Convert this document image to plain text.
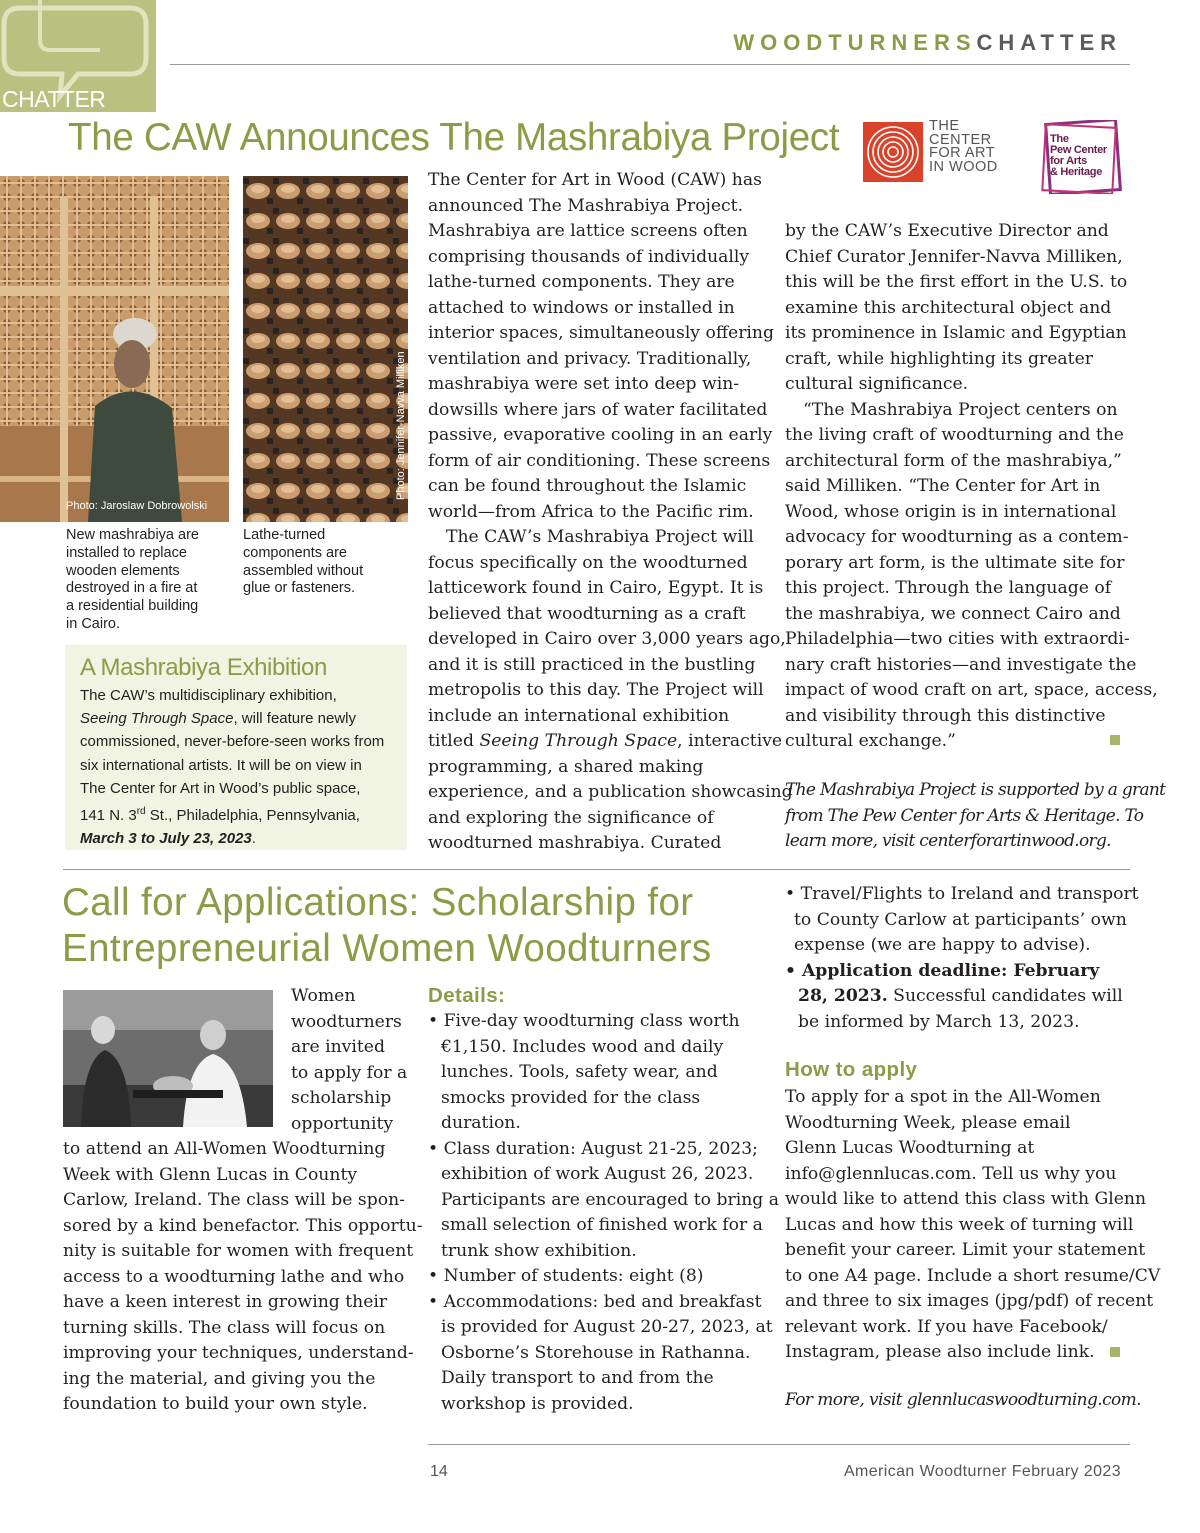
CHATTER
WOODTURNERSCHATTER
The CAW Announces The Mashrabiya Project	THE
CENTER
FOR ART
IN WOOD
The
Pew Center
for Arts
& Heritage
Photo: Jaroslaw Dobrowolski
Photo: Jennifer-Navva Milliken
New mashrabiya are
installed to replace
wooden elements
destroyed in a fire at
a residential building
in Cairo.
Lathe-turned
components are
assembled without
glue or fasteners.
A Mashrabiya Exhibition
The CAW’s multidisciplinary exhibition,
Seeing Through Space, will feature newly
commissioned, never-before-seen works from
six international artists. It will be on view in
The Center for Art in Wood’s public space,
141 N. 3rd St., Philadelphia, Pennsylvania,
March 3 to July 23, 2023.
The Center for Art in Wood (CAW) has
announced The Mashrabiya Project.
Mashrabiya are lattice screens often
comprising thousands of individually
lathe-turned components. They are
attached to windows or installed in
interior spaces, simultaneously offering
ventilation and privacy. Traditionally,
mashrabiya were set into deep win-
dowsills where jars of water facilitated
passive, evaporative cooling in an early
form of air conditioning. These screens
can be found throughout the Islamic
world—from Africa to the Pacific rim.
The CAW’s Mashrabiya Project will
focus specifically on the woodturned
latticework found in Cairo, Egypt. It is
believed that woodturning as a craft
developed in Cairo over 3,000 years ago,
and it is still practiced in the bustling
metropolis to this day. The Project will
include an international exhibition
titled Seeing Through Space, interactive
programming, a shared making
experience, and a publication showcasing
and exploring the significance of
woodturned mashrabiya. Curated
by the CAW’s Executive Director and
Chief Curator Jennifer-Navva Milliken,
this will be the first effort in the U.S. to
examine this architectural object and
its prominence in Islamic and Egyptian
craft, while highlighting its greater
cultural significance.
“The Mashrabiya Project centers on
the living craft of woodturning and the
architectural form of the mashrabiya,”
said Milliken. “The Center for Art in
Wood, whose origin is in international
advocacy for woodturning as a contem-
porary art form, is the ultimate site for
this project. Through the language of
the mashrabiya, we connect Cairo and
Philadelphia—two cities with extraordi-
nary craft histories—and investigate the
impact of wood craft on art, space, access,
and visibility through this distinctive
cultural exchange.”
The Mashrabiya Project is supported by a grant
from The Pew Center for Arts & Heritage. To
learn more, visit centerforartinwood.org.
Call for Applications: Scholarship for
Entrepreneurial Women Woodturners
Women
woodturners
are invited
to apply for a
scholarship
opportunity
to attend an All-Women Woodturning
Week with Glenn Lucas in County
Carlow, Ireland. The class will be spon-
sored by a kind benefactor. This opportu-
nity is suitable for women with frequent
access to a woodturning lathe and who
have a keen interest in growing their
turning skills. The class will focus on
improving your techniques, understand-
ing the material, and giving you the
foundation to build your own style.
Details:
• Five-day woodturning class worth
€1,150. Includes wood and daily
lunches. Tools, safety wear, and
smocks provided for the class
duration.
• Class duration: August 21-25, 2023;
exhibition of work August 26, 2023.
Participants are encouraged to bring a
small selection of finished work for a
trunk show exhibition.
• Number of students: eight (8)
• Accommodations: bed and breakfast
is provided for August 20-27, 2023, at
Osborne’s Storehouse in Rathanna.
Daily transport to and from the
workshop is provided.
• Travel/Flights to Ireland and transport
to County Carlow at participants’ own
expense (we are happy to advise).
• Application deadline: February
28, 2023. Successful candidates will
be informed by March 13, 2023.
How to apply
To apply for a spot in the All-Women
Woodturning Week, please email
Glenn Lucas Woodturning at
info@glennlucas.com. Tell us why you
would like to attend this class with Glenn
Lucas and how this week of turning will
benefit your career. Limit your statement
to one A4 page. Include a short resume/CV
and three to six images (jpg/pdf) of recent
relevant work. If you have Facebook/
Instagram, please also include link.
For more, visit glennlucaswoodturning.com.
14	American Woodturner February 2023
